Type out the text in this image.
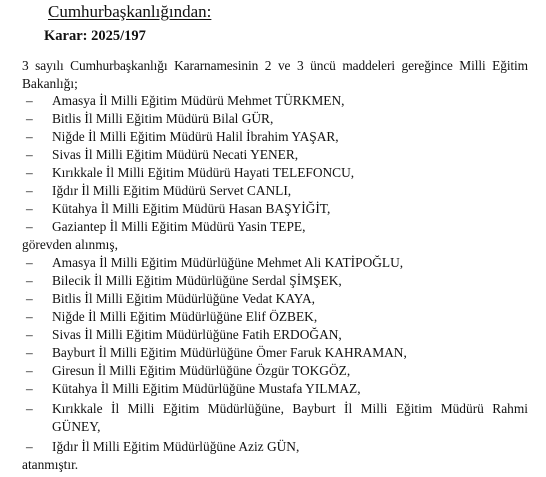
Cumhurbaşkanlığından:
Karar: 2025/197
3 sayılı Cumhurbaşkanlığı Kararnamesinin 2 ve 3 üncü maddeleri gereğince Milli Eğitim
Bakanlığı;
– Amasya İl Milli Eğitim Müdürü Mehmet TÜRKMEN,
– Bitlis İl Milli Eğitim Müdürü Bilal GÜR,
– Niğde İl Milli Eğitim Müdürü Halil İbrahim YAŞAR,
– Sivas İl Milli Eğitim Müdürü Necati YENER,
– Kırıkkale İl Milli Eğitim Müdürü Hayati TELEFONCU,
– Iğdır İl Milli Eğitim Müdürü Servet CANLI,
– Kütahya İl Milli Eğitim Müdürü Hasan BAŞYİĞİT,
– Gaziantep İl Milli Eğitim Müdürü Yasin TEPE,
görevden alınmış,
– Amasya İl Milli Eğitim Müdürlüğüne Mehmet Ali KATİPOĞLU,
– Bilecik İl Milli Eğitim Müdürlüğüne Serdal ŞİMŞEK,
– Bitlis İl Milli Eğitim Müdürlüğüne Vedat KAYA,
– Niğde İl Milli Eğitim Müdürlüğüne Elif ÖZBEK,
– Sivas İl Milli Eğitim Müdürlüğüne Fatih ERDOĞAN,
– Bayburt İl Milli Eğitim Müdürlüğüne Ömer Faruk KAHRAMAN,
– Giresun İl Milli Eğitim Müdürlüğüne Özgür TOKGÖZ,
– Kütahya İl Milli Eğitim Müdürlüğüne Mustafa YILMAZ,
– Kırıkkale İl Milli Eğitim Müdürlüğüne, Bayburt İl Milli Eğitim Müdürü Rahmi
GÜNEY,
– Iğdır İl Milli Eğitim Müdürlüğüne Aziz GÜN,
atanmıştır.
